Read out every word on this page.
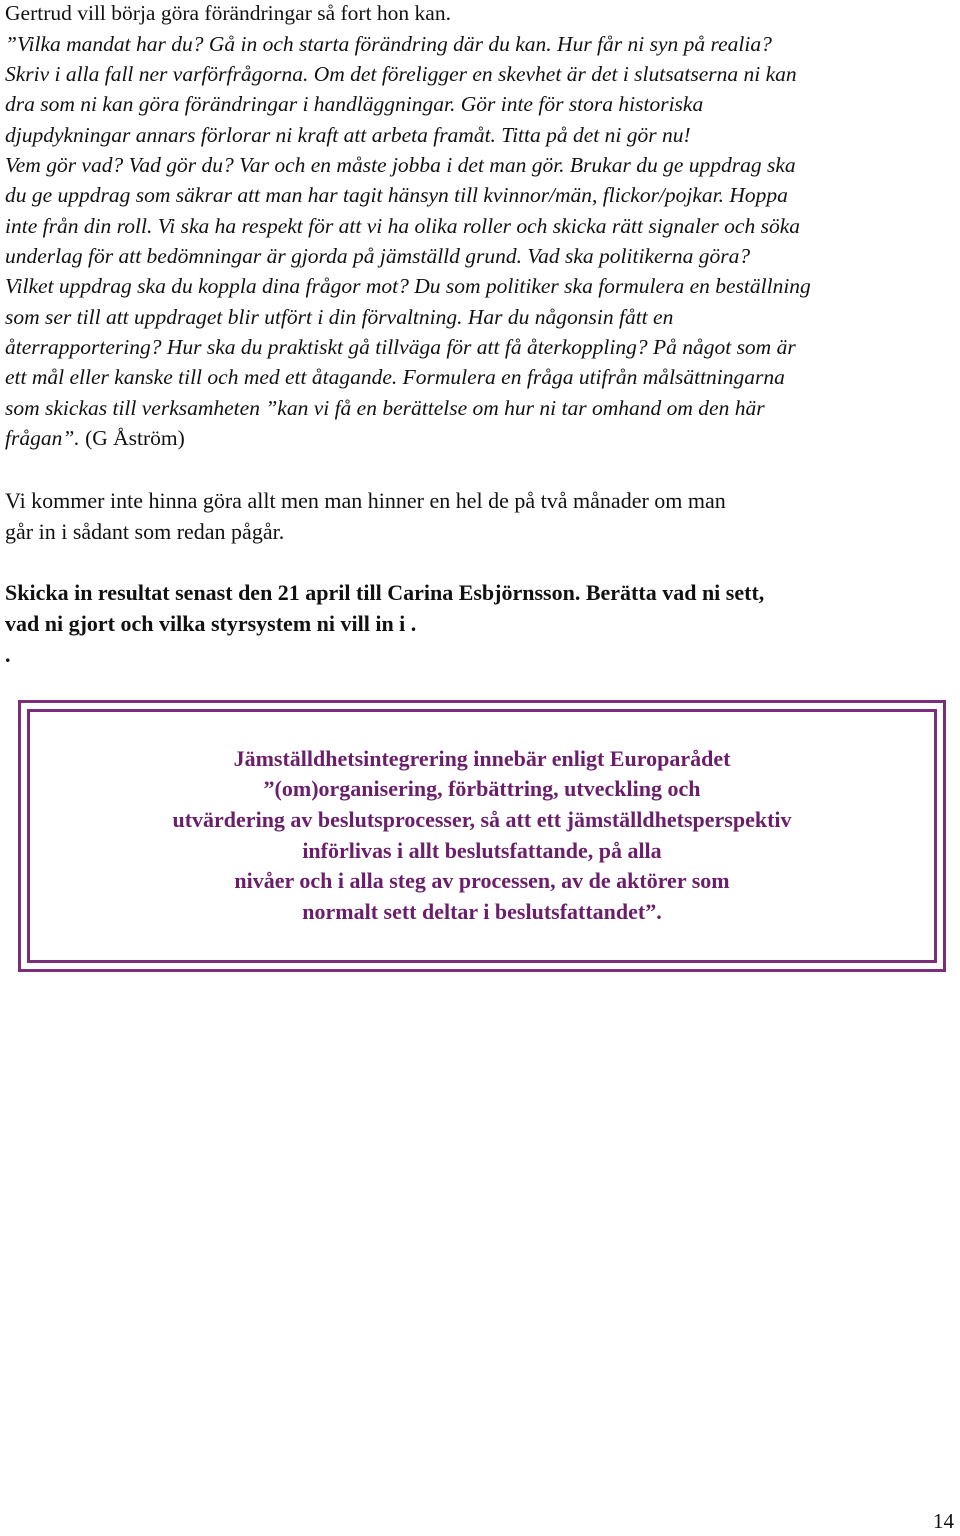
Gertrud vill börja göra förändringar så fort hon kan.
”Vilka mandat har du? Gå in och starta förändring där du kan. Hur får ni syn på realia?
Skriv i alla fall ner varförfrågorna. Om det föreligger en skevhet är det i slutsatserna ni kan
dra som ni kan göra förändringar i handläggningar. Gör inte för stora historiska
djupdykningar annars förlorar ni kraft att arbeta framåt. Titta på det ni gör nu!
Vem gör vad? Vad gör du? Var och en måste jobba i det man gör. Brukar du ge uppdrag ska
du ge uppdrag som säkrar att man har tagit hänsyn till kvinnor/män, flickor/pojkar. Hoppa
inte från din roll. Vi ska ha respekt för att vi ha olika roller och skicka rätt signaler och söka
underlag för att bedömningar är gjorda på jämställd grund. Vad ska politikerna göra?
Vilket uppdrag ska du koppla dina frågor mot? Du som politiker ska formulera en beställning
som ser till att uppdraget blir utfört i din förvaltning. Har du någonsin fått en
återrapportering? Hur ska du praktiskt gå tillväga för att få återkoppling? På något som är
ett mål eller kanske till och med ett åtagande. Formulera en fråga utifrån målsättningarna
som skickas till verksamheten ”kan vi få en berättelse om hur ni tar omhand om den här
frågan”. (G Åström)
Vi kommer inte hinna göra allt men man hinner en hel de på två månader om man
går in i sådant som redan pågår.
Skicka in resultat senast den 21 april till Carina Esbjörnsson. Berätta vad ni sett,
vad ni gjort och vilka styrsystem ni vill in i .
.
Jämställdhetsintegrering innebär enligt Europarådet
”(om)organisering, förbättring, utveckling och
utvärdering av beslutsprocesser, så att ett jämställdhetsperspektiv
införlivas i allt beslutsfattande, på alla
nivåer och i alla steg av processen, av de aktörer som
normalt sett deltar i beslutsfattandet”.
14
